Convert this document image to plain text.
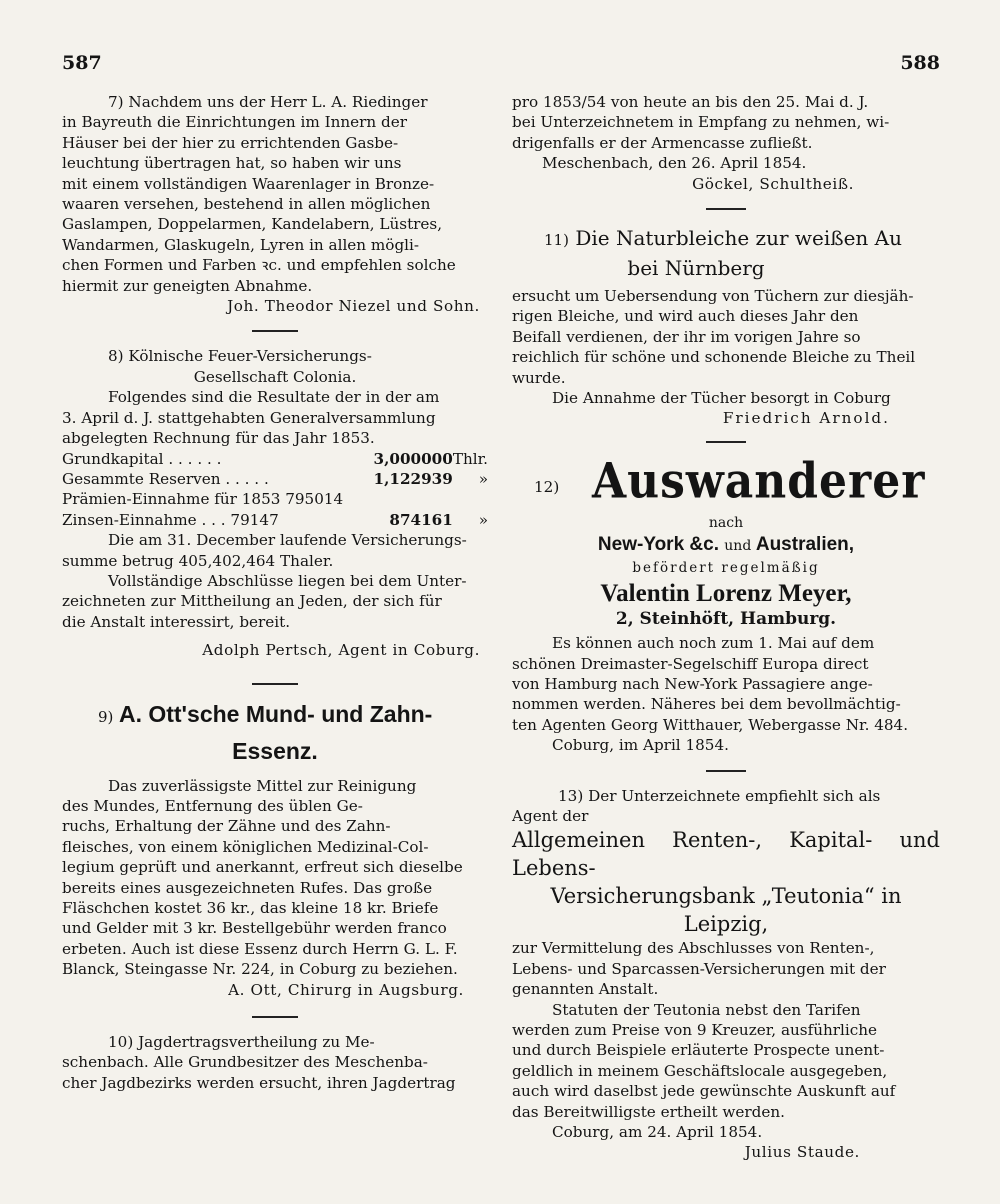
587	588

7) Nachdem uns der Herr L. A. Riedinger

in Bayreuth die Einrichtungen im Innern der

Häuser bei der hier zu errichtenden Gasbe-

leuchtung übertragen hat, so haben wir uns

mit einem vollständigen Waarenlager in Bronze-

waaren versehen, bestehend in allen möglichen

Gaslampen, Doppelarmen, Kandelabern, Lüstres,

Wandarmen, Glaskugeln, Lyren in allen mögli-

chen Formen und Farben ꝛc. und empfehlen solche

hiermit zur geneigten Abnahme.

Joh. Theodor Niezel und Sohn.

8) Kölnische Feuer-Versicherungs-

Gesellschaft Colonia.

Folgendes sind die Resultate der in der am

3. April d. J. stattgehabten Generalversammlung

abgelegten Rechnung für das Jahr 1853.

Grundkapital . . . . . .	3,000000	Thlr.
Gesammte Reserven . . . . .	1,122939	»
Prämien-Einnahme für 1853 795014		
Zinsen-Einnahme . . . 79147	874161	»

Die am 31. December laufende Versicherungs-

summe betrug 405,402,464 Thaler.

Vollständige Abschlüsse liegen bei dem Unter-

zeichneten zur Mittheilung an Jeden, der sich für

die Anstalt interessirt, bereit.

Adolph Pertsch, Agent in Coburg.

9) A. Ott'sche Mund- und Zahn-
Essenz.

Das zuverlässigste Mittel zur Reinigung

des Mundes, Entfernung des üblen Ge-

ruchs, Erhaltung der Zähne und des Zahn-

fleisches, von einem königlichen Medizinal-Col-

legium geprüft und anerkannt, erfreut sich dieselbe

bereits eines ausgezeichneten Rufes. Das große

Fläschchen kostet 36 kr., das kleine 18 kr. Briefe

und Gelder mit 3 kr. Bestellgebühr werden franco

erbeten. Auch ist diese Essenz durch Herrn G. L. F.

Blanck, Steingasse Nr. 224, in Coburg zu beziehen.

A. Ott, Chirurg in Augsburg.

10) Jagdertragsvertheilung zu Me-

schenbach. Alle Grundbesitzer des Meschenba-

cher Jagdbezirks werden ersucht, ihren Jagdertrag

pro 1853/54 von heute an bis den 25. Mai d. J.

bei Unterzeichnetem in Empfang zu nehmen, wi-

drigenfalls er der Armencasse zufließt.

Meschenbach, den 26. April 1854.

Göckel, Schultheiß.

11) Die Naturbleiche zur weißen Au
bei Nürnberg

ersucht um Uebersendung von Tüchern zur diesjäh-

rigen Bleiche, und wird auch dieses Jahr den

Beifall verdienen, der ihr im vorigen Jahre so

reichlich für schöne und schonende Bleiche zu Theil

wurde.

Die Annahme der Tücher besorgt in Coburg

Friedrich Arnold.

12) Auswanderer
nach
New-York &c. und Australien,
befördert regelmäßig
Valentin Lorenz Meyer,
2, Steinhöft, Hamburg.

Es können auch noch zum 1. Mai auf dem

schönen Dreimaster-Segelschiff Europa direct

von Hamburg nach New-York Passagiere ange-

nommen werden. Näheres bei dem bevollmächtig-

ten Agenten Georg Witthauer, Webergasse Nr. 484.

Coburg, im April 1854.

13) Der Unterzeichnete empfiehlt sich als

Agent der

Allgemeinen Renten-, Kapital- und Lebens-
Versicherungsbank „Teutonia“ in Leipzig,

zur Vermittelung des Abschlusses von Renten-,

Lebens- und Sparcassen-Versicherungen mit der

genannten Anstalt.

Statuten der Teutonia nebst den Tarifen

werden zum Preise von 9 Kreuzer, ausführliche

und durch Beispiele erläuterte Prospecte unent-

geldlich in meinem Geschäftslocale ausgegeben,

auch wird daselbst jede gewünschte Auskunft auf

das Bereitwilligste ertheilt werden.

Coburg, am 24. April 1854.

Julius Staude.
